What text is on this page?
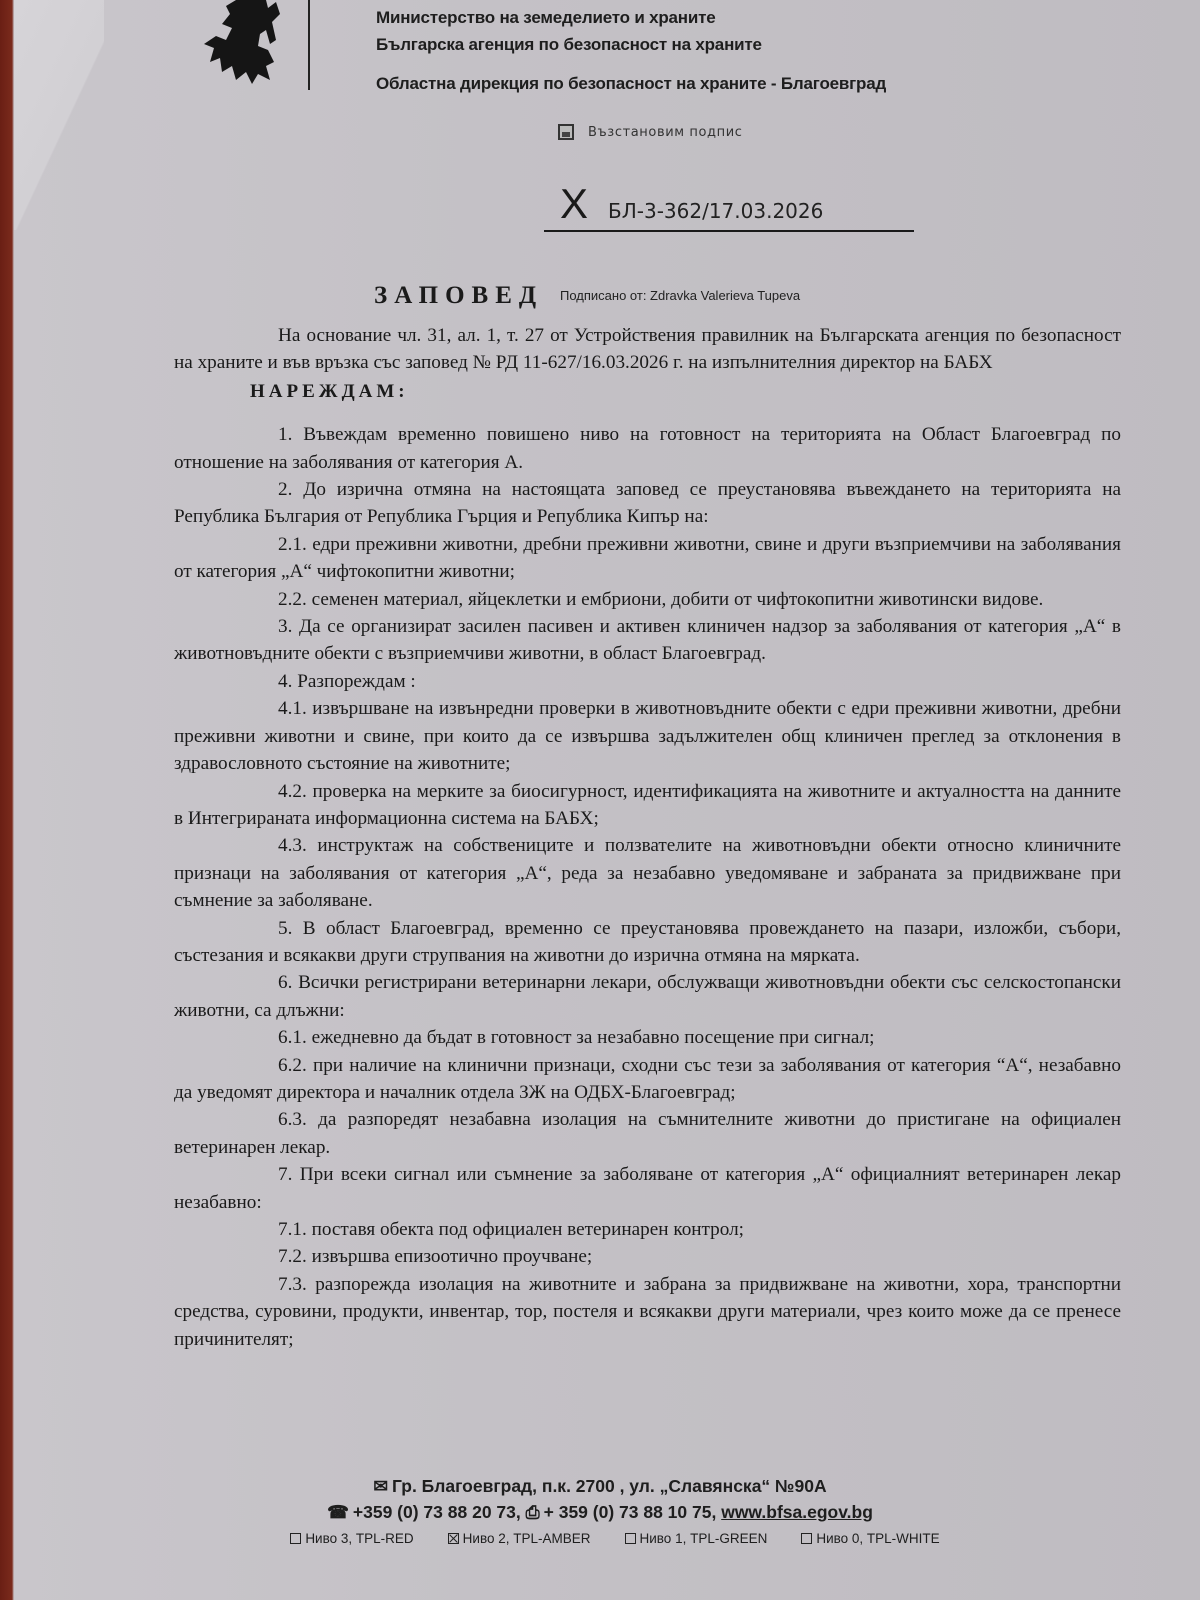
Министерство на земеделието и храните
Българска агенция по безопасност на храните
Областна дирекция по безопасност на храните - Благоевград
Възстановим подпис
X БЛ-3-362/17.03.2026
ЗАПОВЕД Подписано от: Zdravka Valerieva Tupeva

На основание чл. 31, ал. 1, т. 27 от Устройствения правилник на Българската агенция по безопасност на храните и във връзка със заповед № РД 11-627/16.03.2026 г. на изпълнителния директор на БАБХ

НАРЕЖДАМ:

1. Въвеждам временно повишено ниво на готовност на територията на Област Благоевград по отношение на заболявания от категория А.

2. До изрична отмяна на настоящата заповед се преустановява въвеждането на територията на Република България от Република Гърция и Република Кипър на:

2.1. едри преживни животни, дребни преживни животни, свине и други възприемчиви на заболявания от категория „А“ чифтокопитни животни;

2.2. семенен материал, яйцеклетки и ембриони, добити от чифтокопитни животински видове.

3. Да се организират засилен пасивен и активен клиничен надзор за заболявания от категория „А“ в животновъдните обекти с възприемчиви животни, в област Благоевград.

4. Разпореждам :

4.1. извършване на извънредни проверки в животновъдните обекти с едри преживни животни, дребни преживни животни и свине, при които да се извършва задължителен общ клиничен преглед за отклонения в здравословното състояние на животните;

4.2. проверка на мерките за биосигурност, идентификацията на животните и актуалността на данните в Интегрираната информационна система на БАБХ;

4.3. инструктаж на собствениците и ползвателите на животновъдни обекти относно клиничните признаци на заболявания от категория „А“, реда за незабавно уведомяване и забраната за придвижване при съмнение за заболяване.

5. В област Благоевград, временно се преустановява провеждането на пазари, изложби, събори, състезания и всякакви други струпвания на животни до изрична отмяна на мярката.

6. Всички регистрирани ветеринарни лекари, обслужващи животновъдни обекти със селскостопански животни, са длъжни:

6.1. ежедневно да бъдат в готовност за незабавно посещение при сигнал;

6.2. при наличие на клинични признаци, сходни със тези за заболявания от категория “А“, незабавно да уведомят директора и началник отдела ЗЖ на ОДБХ-Благоевград;

6.3. да разпоредят незабавна изолация на съмнителните животни до пристигане на официален ветеринарен лекар.

7. При всеки сигнал или съмнение за заболяване от категория „А“ официалният ветеринарен лекар незабавно:

7.1. поставя обекта под официален ветеринарен контрол;

7.2. извършва епизоотично проучване;

7.3. разпорежда изолация на животните и забрана за придвижване на животни, хора, транспортни средства, суровини, продукти, инвентар, тор, постеля и всякакви други материали, чрез които може да се пренесе причинителят;

✉ Гр. Благоевград, п.к. 2700 , ул. „Славянска“ №90А
☎ +359 (0) 73 88 20 73, ⎙ + 359 (0) 73 88 10 75, www.bfsa.egov.bg
Ниво 3, TPL-RED	Ниво 2, TPL-AMBER	Ниво 1, TPL-GREEN	Ниво 0, TPL-WHITE
